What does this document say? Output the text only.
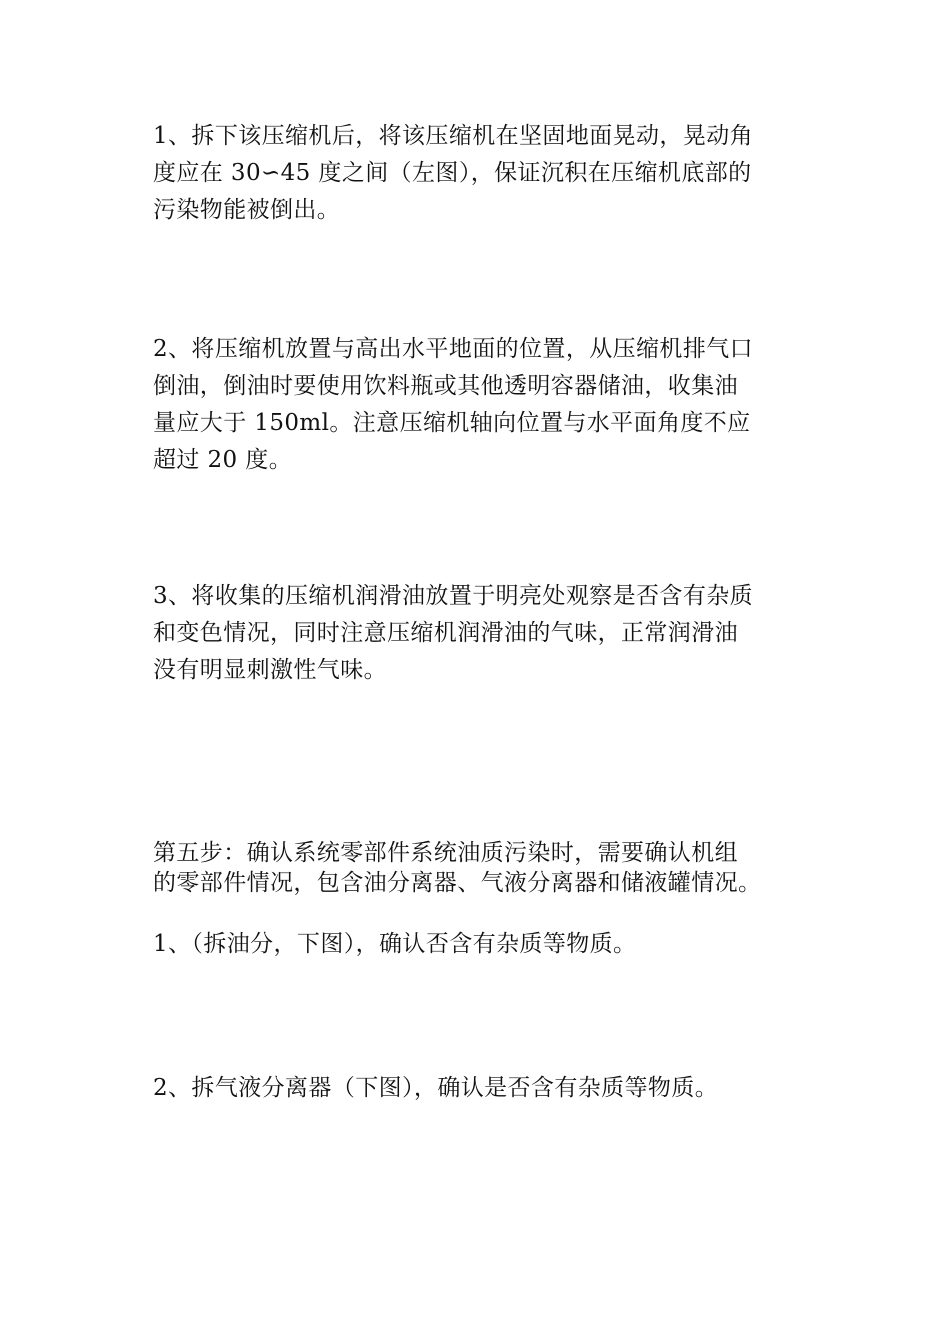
1、拆下该压缩机后，将该压缩机在坚固地面晃动，晃动角
度应在 30∽45 度之间（左图），保证沉积在压缩机底部的
污染物能被倒出。

2、将压缩机放置与高出水平地面的位置，从压缩机排气口
倒油，倒油时要使用饮料瓶或其他透明容器储油，收集油
量应大于 150ml。注意压缩机轴向位置与水平面角度不应
超过 20 度。

3、将收集的压缩机润滑油放置于明亮处观察是否含有杂质
和变色情况，同时注意压缩机润滑油的气味，正常润滑油
没有明显刺激性气味。

第五步：确认系统零部件系统油质污染时，需要确认机组
的零部件情况，包含油分离器、气液分离器和储液罐情况。

1、（拆油分，下图），确认否含有杂质等物质。

2、拆气液分离器（下图），确认是否含有杂质等物质。
